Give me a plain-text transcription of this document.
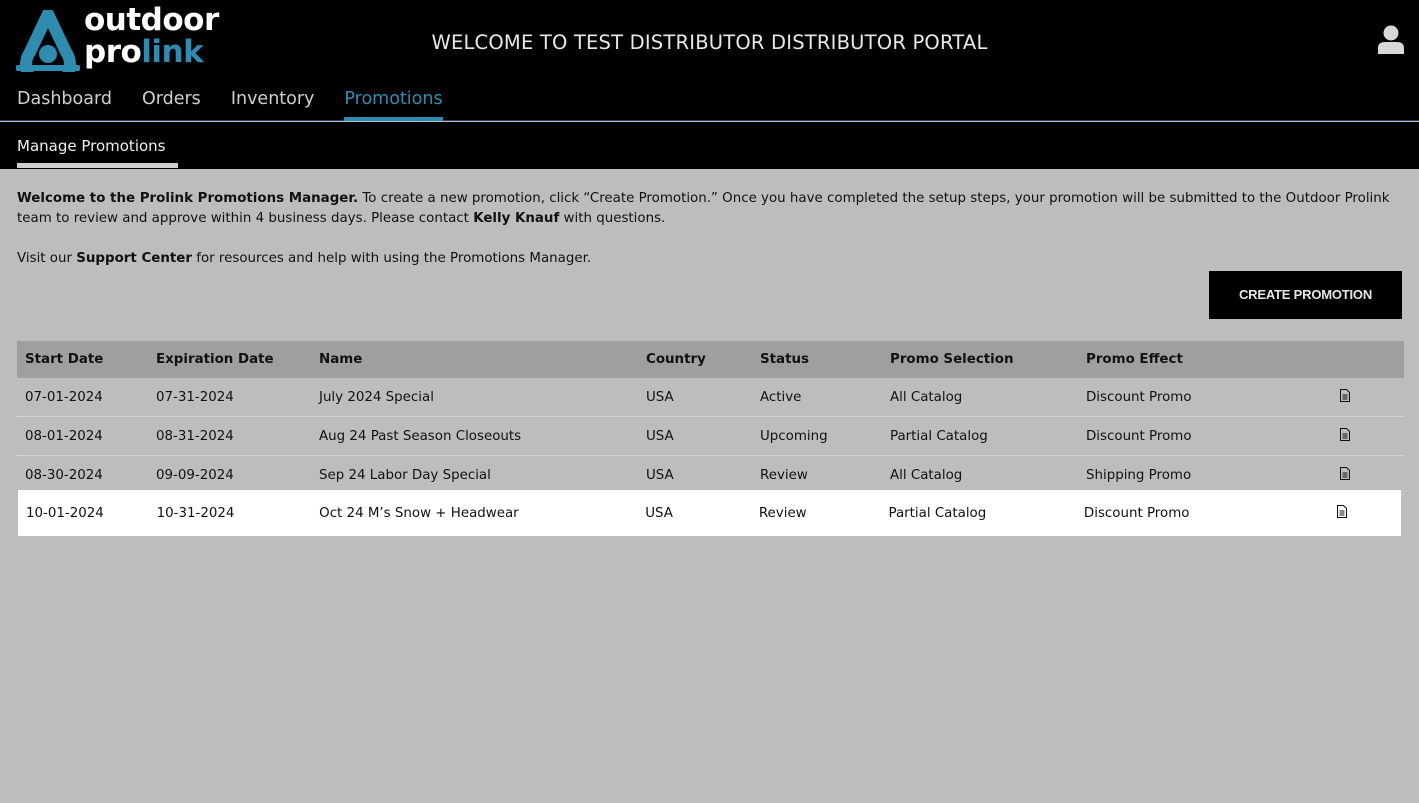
outdoor
prolink	WELCOME TO TEST DISTRIBUTOR DISTRIBUTOR PORTAL
Dashboard Orders Inventory Promotions
Manage Promotions

Welcome to the Prolink Promotions Manager. To create a new promotion, click “Create Promotion.” Once you have completed the setup steps, your promotion will be submitted to the Outdoor Prolink team to review and approve within 4 business days. Please contact Kelly Knauf with questions.

Visit our Support Center for resources and help with using the Promotions Manager.

CREATE PROMOTION
Start Date	Expiration Date	Name	Country	Status	Promo Selection	Promo Effect
07-01-2024	07-31-2024	July 2024 Special	USA	Active	All Catalog	Discount Promo
08-01-2024	08-31-2024	Aug 24 Past Season Closeouts	USA	Upcoming	Partial Catalog	Discount Promo
08-30-2024	09-09-2024	Sep 24 Labor Day Special	USA	Review	All Catalog	Shipping Promo
10-01-2024	10-31-2024	Oct 24 M’s Snow + Headwear	USA	Review	Partial Catalog	Discount Promo
